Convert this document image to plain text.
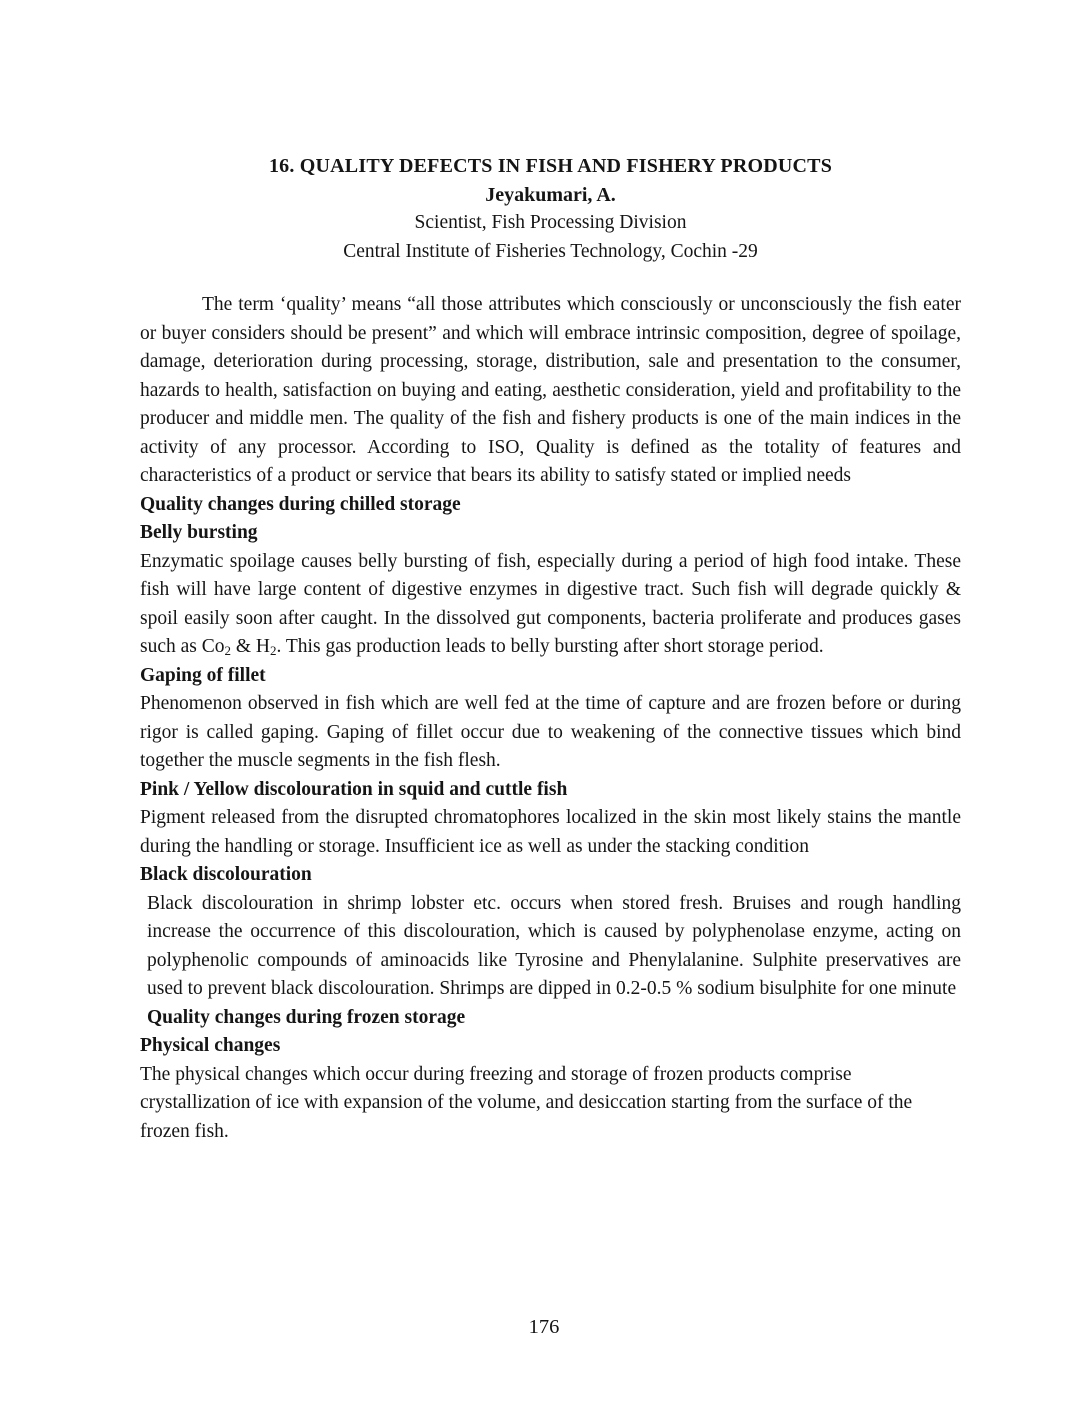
16. QUALITY DEFECTS IN FISH AND FISHERY PRODUCTS
Jeyakumari, A.
Scientist, Fish Processing Division
Central Institute of Fisheries Technology, Cochin -29

The term ‘quality’ means “all those attributes which consciously or unconsciously the fish eater or buyer considers should be present” and which will embrace intrinsic composition, degree of spoilage, damage, deterioration during processing, storage, distribution, sale and presentation to the consumer, hazards to health, satisfaction on buying and eating, aesthetic consideration, yield and profitability to the producer and middle men. The quality of the fish and fishery products is one of the main indices in the activity of any processor. According to ISO, Quality is defined as the totality of features and characteristics of a product or service that bears its ability to satisfy stated or implied needs

Quality changes during chilled storage
Belly bursting

Enzymatic spoilage causes belly bursting of fish, especially during a period of high food intake. These fish will have large content of digestive enzymes in digestive tract. Such fish will degrade quickly & spoil easily soon after caught. In the dissolved gut components, bacteria proliferate and produces gases such as $Co_2$ & $H_2$. This gas production leads to belly bursting after short storage period.

Gaping of fillet

Phenomenon observed in fish which are well fed at the time of capture and are frozen before or during rigor is called gaping. Gaping of fillet occur due to weakening of the connective tissues which bind together the muscle segments in the fish flesh.

Pink / Yellow discolouration in squid and cuttle fish

Pigment released from the disrupted chromatophores localized in the skin most likely stains the mantle during the handling or storage. Insufficient ice as well as under the stacking condition

Black discolouration

Black discolouration in shrimp lobster etc. occurs when stored fresh. Bruises and rough handling increase the occurrence of this discolouration, which is caused by polyphenolase enzyme, acting on polyphenolic compounds of aminoacids like Tyrosine and Phenylalanine. Sulphite preservatives are used to prevent black discolouration. Shrimps are dipped in 0.2-0.5 % sodium bisulphite for one minute

Quality changes during frozen storage
Physical changes

The physical changes which occur during freezing and storage of frozen products comprise crystallization of ice with expansion of the volume, and desiccation starting from the surface of the frozen fish.

176
